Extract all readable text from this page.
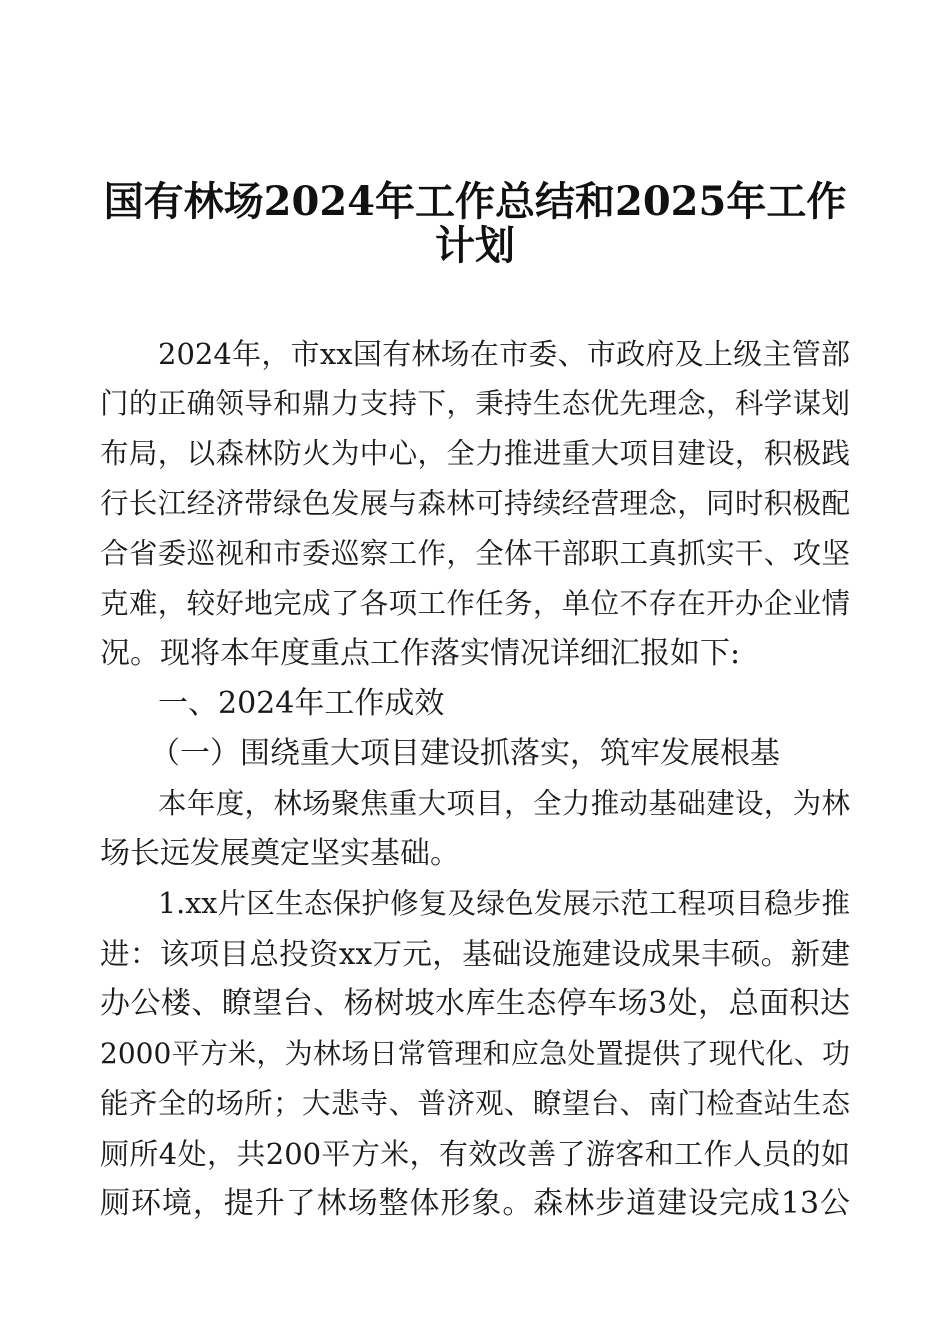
国有林场2024年工作总结和2025年工作
计划
2024年，市xx国有林场在市委、市政府及上级主管部
门的正确领导和鼎力支持下，秉持生态优先理念，科学谋划
布局，以森林防火为中心，全力推进重大项目建设，积极践
行长江经济带绿色发展与森林可持续经营理念，同时积极配
合省委巡视和市委巡察工作，全体干部职工真抓实干、攻坚
克难，较好地完成了各项工作任务，单位不存在开办企业情
况。现将本年度重点工作落实情况详细汇报如下:
一、2024年工作成效
（一）围绕重大项目建设抓落实，筑牢发展根基
本年度，林场聚焦重大项目，全力推动基础建设，为林
场长远发展奠定坚实基础。
1.xx片区生态保护修复及绿色发展示范工程项目稳步推
进：该项目总投资xx万元，基础设施建设成果丰硕。新建
办公楼、瞭望台、杨树坡水库生态停车场3处，总面积达
2000平方米，为林场日常管理和应急处置提供了现代化、功
能齐全的场所；大悲寺、普济观、瞭望台、南门检查站生态
厕所4处，共200平方米，有效改善了游客和工作人员的如
厕环境，提升了林场整体形象。森林步道建设完成13公
